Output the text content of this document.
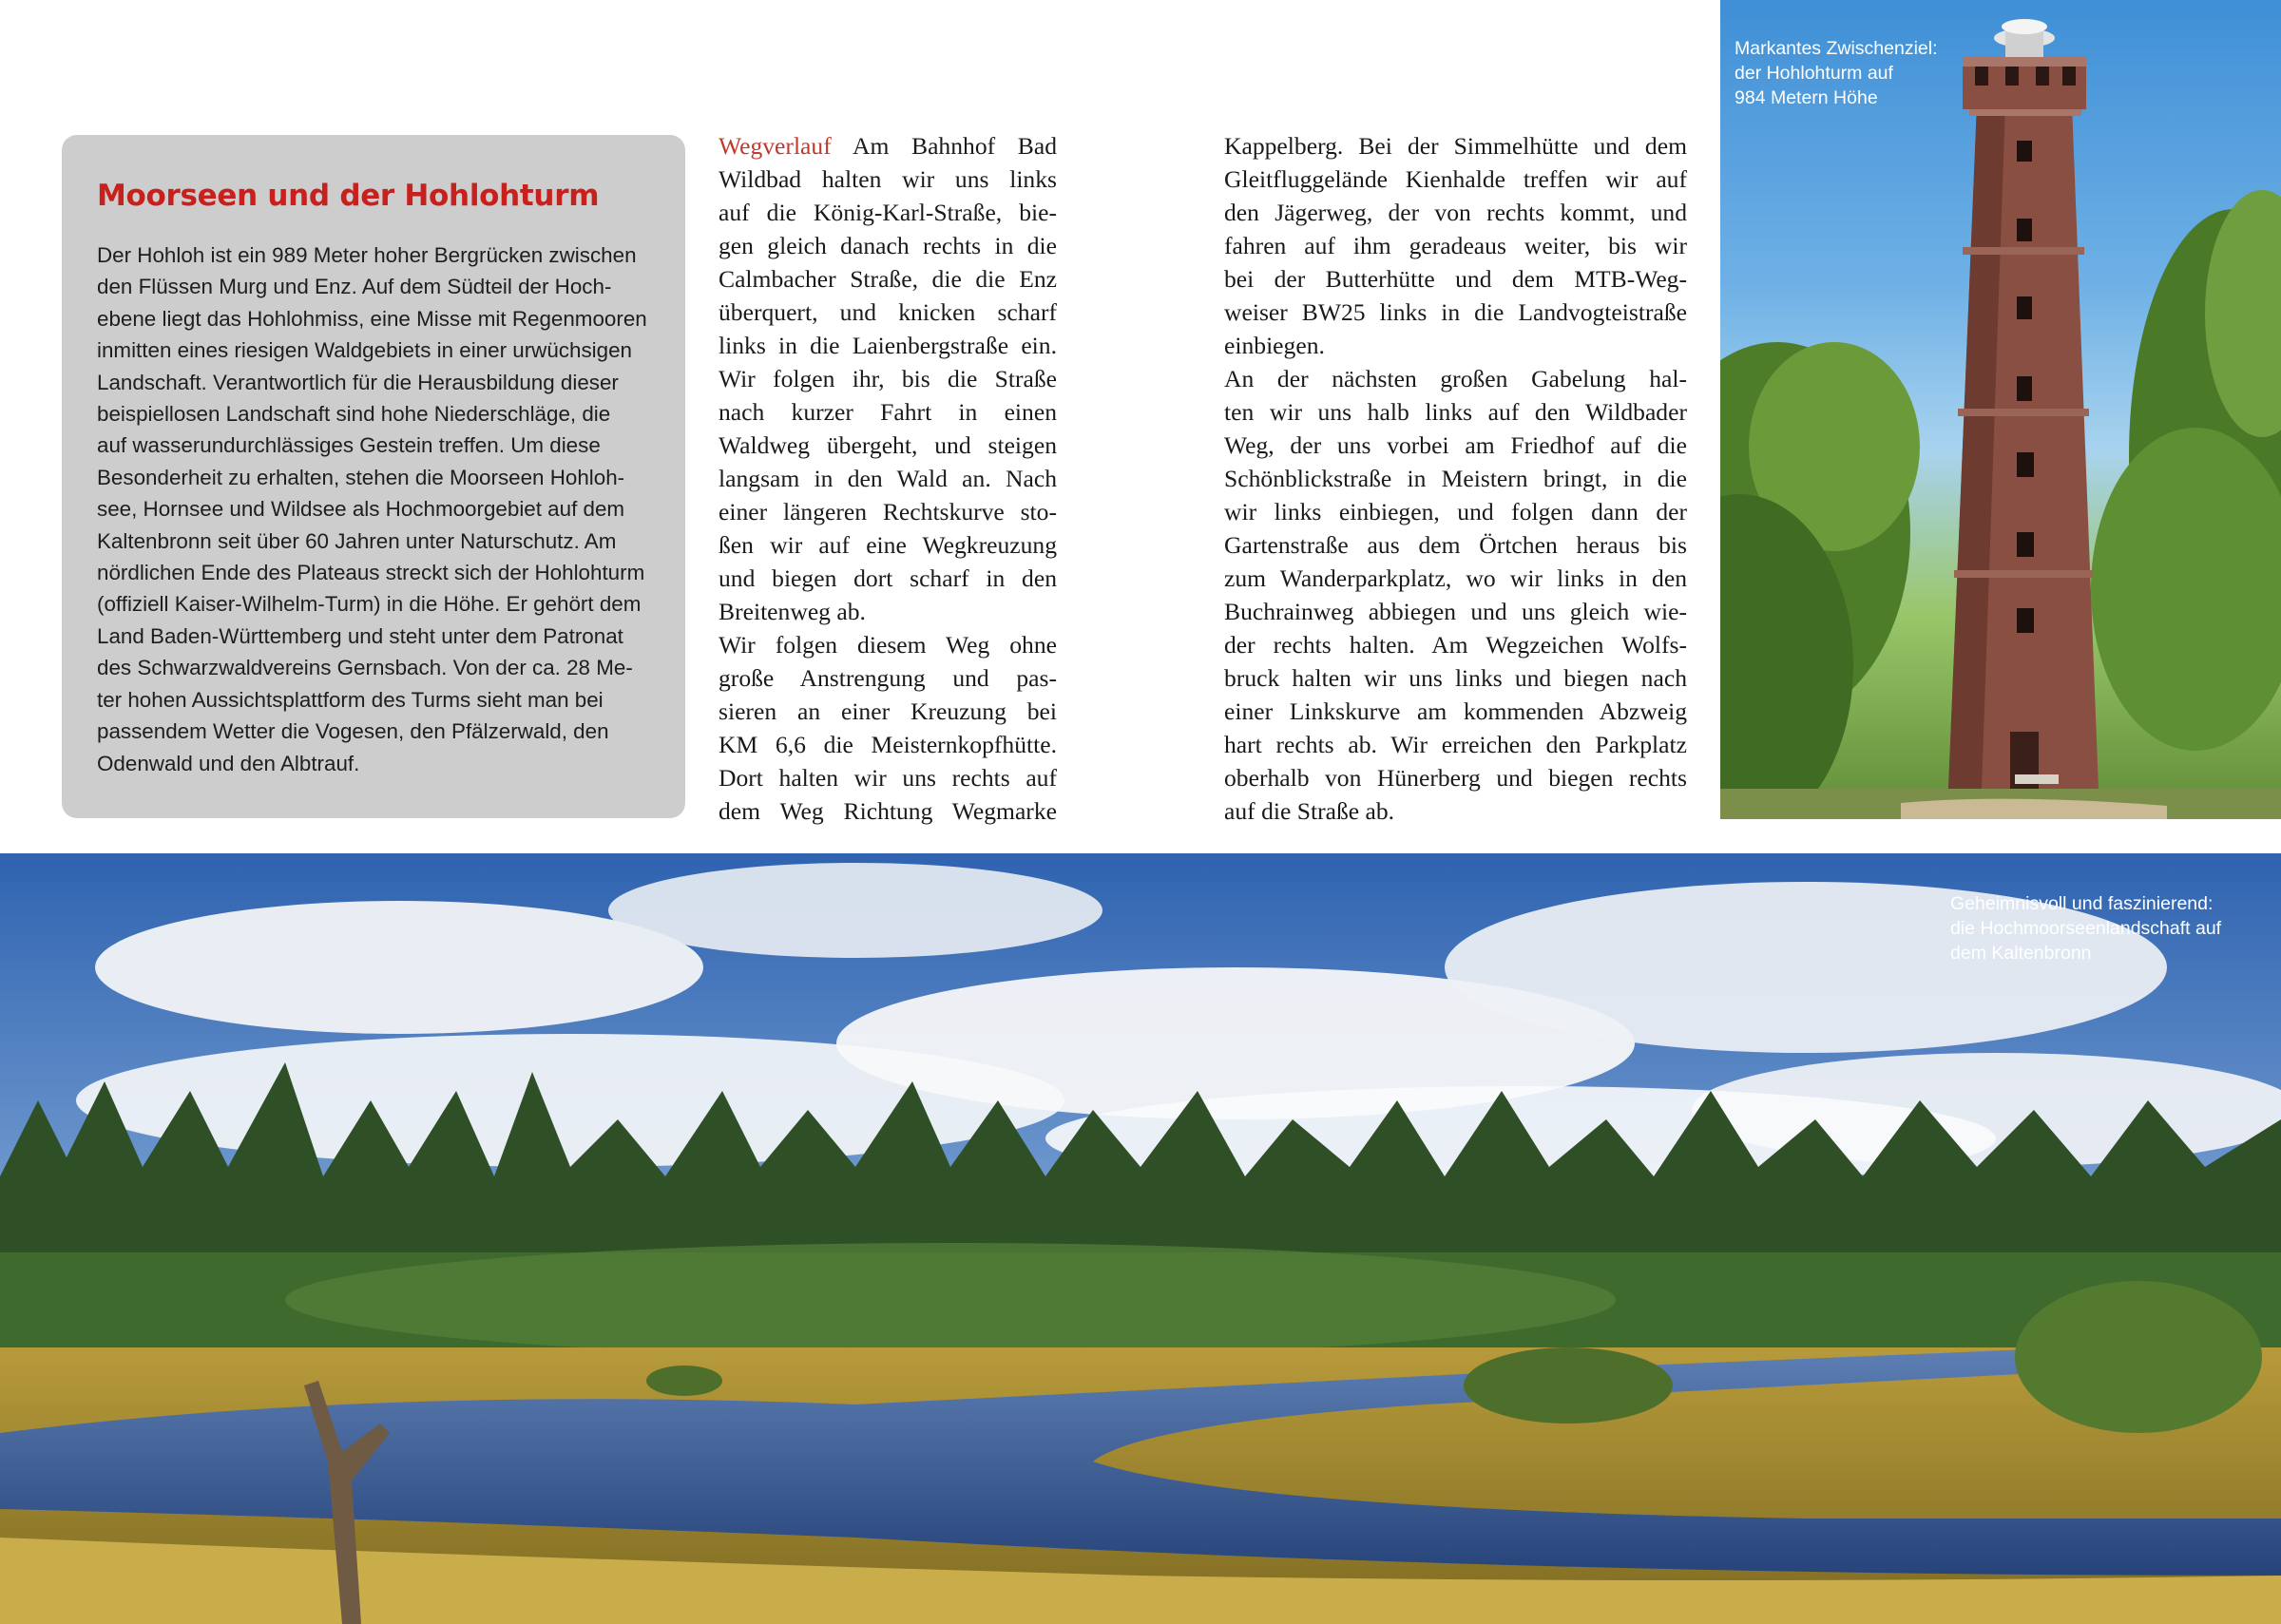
Moorseen und der Hohlohturm
Der Hohloh ist ein 989 Meter hoher Bergrücken zwischen
den Flüssen Murg und Enz. Auf dem Südteil der Hoch-
ebene liegt das Hohlohmiss, eine Misse mit Regenmooren
inmitten eines riesigen Waldgebiets in einer urwüchsigen
Landschaft. Verantwortlich für die Herausbildung dieser
beispiellosen Landschaft sind hohe Niederschläge, die
auf wasserundurchlässiges Gestein treffen. Um diese
Besonderheit zu erhalten, stehen die Moorseen Hohloh-
see, Hornsee und Wildsee als Hochmoorgebiet auf dem
Kaltenbronn seit über 60 Jahren unter Naturschutz. Am
nördlichen Ende des Plateaus streckt sich der Hohlohturm
(offiziell Kaiser-Wilhelm-Turm) in die Höhe. Er gehört dem
Land Baden-Württemberg und steht unter dem Patronat
des Schwarzwaldvereins Gernsbach. Von der ca. 28 Me-
ter hohen Aussichtsplattform des Turms sieht man bei
passendem Wetter die Vogesen, den Pfälzerwald, den
Odenwald und den Albtrauf.
Wegverlauf Am Bahnhof Bad
Wildbad halten wir uns links
auf die König-Karl-Straße, bie-
gen gleich danach rechts in die
Calmbacher Straße, die die Enz
überquert, und knicken scharf
links in die Laienbergstraße ein.
Wir folgen ihr, bis die Straße
nach kurzer Fahrt in einen
Waldweg übergeht, und steigen
langsam in den Wald an. Nach
einer längeren Rechtskurve sto-
ßen wir auf eine Wegkreuzung
und biegen dort scharf in den
Breitenweg ab.
Wir folgen diesem Weg ohne
große Anstrengung und pas-
sieren an einer Kreuzung bei
KM 6,6 die Meisternkopfhütte.
Dort halten wir uns rechts auf
dem Weg Richtung Wegmarke
Kappelberg. Bei der Simmelhütte und dem
Gleitfluggelände Kienhalde treffen wir auf
den Jägerweg, der von rechts kommt, und
fahren auf ihm geradeaus weiter, bis wir
bei der Butterhütte und dem MTB-Weg-
weiser BW25 links in die Landvogteistraße
einbiegen.
An der nächsten großen Gabelung hal-
ten wir uns halb links auf den Wildbader
Weg, der uns vorbei am Friedhof auf die
Schönblickstraße in Meistern bringt, in die
wir links einbiegen, und folgen dann der
Gartenstraße aus dem Örtchen heraus bis
zum Wanderparkplatz, wo wir links in den
Buchrainweg abbiegen und uns gleich wie-
der rechts halten. Am Wegzeichen Wolfs-
bruck halten wir uns links und biegen nach
einer Linkskurve am kommenden Abzweig
hart rechts ab. Wir erreichen den Parkplatz
oberhalb von Hünerberg und biegen rechts
auf die Straße ab.
Markantes Zwischenziel:
der Hohlohturm auf
984 Metern Höhe
Geheimnisvoll und faszinierend:
die Hochmoorseenlandschaft auf
dem Kaltenbronn
